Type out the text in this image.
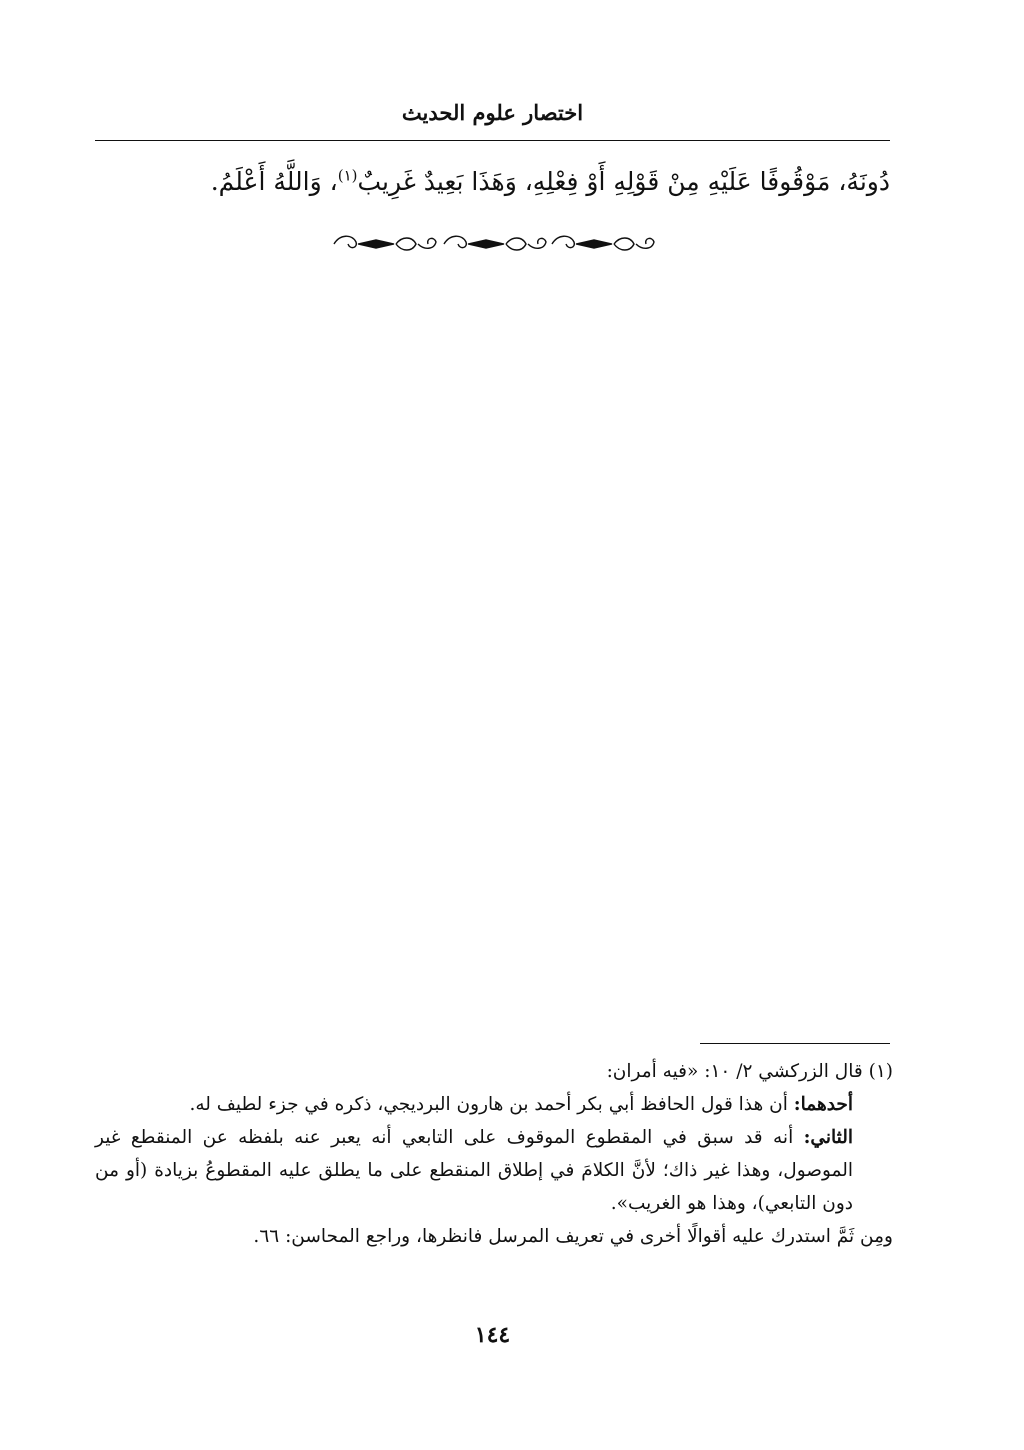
اختصار علوم الحديث

دُونَهُ، مَوْقُوفًا عَلَيْهِ مِنْ قَوْلِهِ أَوْ فِعْلِهِ، وَهَذَا بَعِيدٌ غَرِيبٌ$^{(١)}$، وَاللَّهُ أَعْلَمُ.

(١) قال الزركشي ٢/ ١٠: «فيه أمران:

أحدهما: أن هذا قول الحافظ أبي بكر أحمد بن هارون البرديجي، ذكره في جزء لطيف له.

الثاني: أنه قد سبق في المقطوع الموقوف على التابعي أنه يعبر عنه بلفظه عن المنقطع غير الموصول، وهذا غير ذاك؛ لأنَّ الكلامَ في إطلاق المنقطع على ما يطلق عليه المقطوعُ بزيادة (أو من دون التابعي)، وهذا هو الغريب».

ومِن ثَمَّ استدرك عليه أقوالًا أخرى في تعريف المرسل فانظرها، وراجع المحاسن: ٦٦.

١٤٤
